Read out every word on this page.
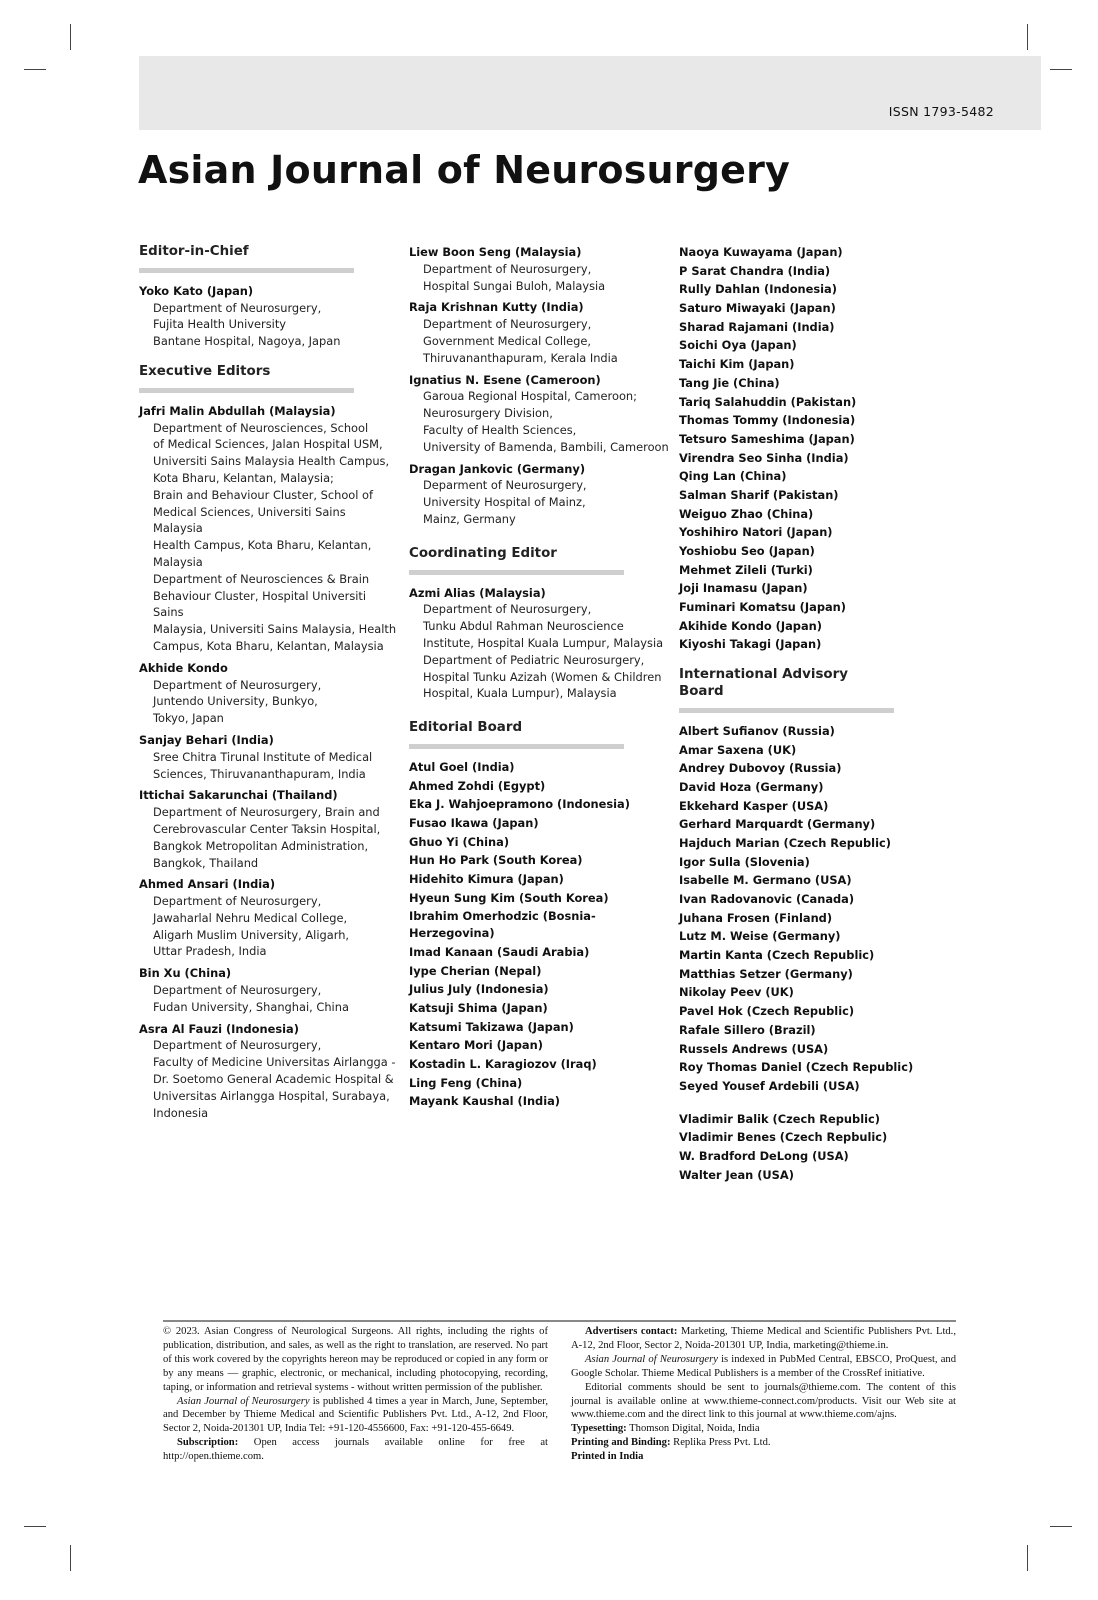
ISSN 1793-5482
Asian Journal of Neurosurgery
Editor-in-Chief
Yoko Kato (Japan)
Department of Neurosurgery,
Fujita Health University
Bantane Hospital, Nagoya, Japan
Executive Editors
Jafri Malin Abdullah (Malaysia)
Department of Neurosciences, School
of Medical Sciences, Jalan Hospital USM,
Universiti Sains Malaysia Health Campus,
Kota Bharu, Kelantan, Malaysia;
Brain and Behaviour Cluster, School of
Medical Sciences, Universiti Sains Malaysia
Health Campus, Kota Bharu, Kelantan,
Malaysia
Department of Neurosciences & Brain
Behaviour Cluster, Hospital Universiti Sains
Malaysia, Universiti Sains Malaysia, Health
Campus, Kota Bharu, Kelantan, Malaysia
Akhide Kondo
Department of Neurosurgery,
Juntendo University, Bunkyo,
Tokyo, Japan
Sanjay Behari (India)
Sree Chitra Tirunal Institute of Medical
Sciences, Thiruvananthapuram, India
Ittichai Sakarunchai (Thailand)
Department of Neurosurgery, Brain and
Cerebrovascular Center Taksin Hospital,
Bangkok Metropolitan Administration,
Bangkok, Thailand
Ahmed Ansari (India)
Department of Neurosurgery,
Jawaharlal Nehru Medical College,
Aligarh Muslim University, Aligarh,
Uttar Pradesh, India
Bin Xu (China)
Department of Neurosurgery,
Fudan University, Shanghai, China
Asra Al Fauzi (Indonesia)
Department of Neurosurgery,
Faculty of Medicine Universitas Airlangga -
Dr. Soetomo General Academic Hospital &
Universitas Airlangga Hospital, Surabaya,
Indonesia
Liew Boon Seng (Malaysia)
Department of Neurosurgery,
Hospital Sungai Buloh, Malaysia
Raja Krishnan Kutty (India)
Department of Neurosurgery,
Government Medical College,
Thiruvananthapuram, Kerala India
Ignatius N. Esene (Cameroon)
Garoua Regional Hospital, Cameroon;
Neurosurgery Division,
Faculty of Health Sciences,
University of Bamenda, Bambili, Cameroon
Dragan Jankovic (Germany)
Deparment of Neurosurgery,
University Hospital of Mainz,
Mainz, Germany
Coordinating Editor
Azmi Alias (Malaysia)
Department of Neurosurgery,
Tunku Abdul Rahman Neuroscience
Institute, Hospital Kuala Lumpur, Malaysia
Department of Pediatric Neurosurgery,
Hospital Tunku Azizah (Women & Children
Hospital, Kuala Lumpur), Malaysia
Editorial Board
Atul Goel (India)
Ahmed Zohdi (Egypt)
Eka J. Wahjoepramono (Indonesia)
Fusao Ikawa (Japan)
Ghuo Yi (China)
Hun Ho Park (South Korea)
Hidehito Kimura (Japan)
Hyeun Sung Kim (South Korea)
Ibrahim Omerhodzic (Bosnia-Herzegovina)
Imad Kanaan (Saudi Arabia)
Iype Cherian (Nepal)
Julius July (Indonesia)
Katsuji Shima (Japan)
Katsumi Takizawa (Japan)
Kentaro Mori (Japan)
Kostadin L. Karagiozov (Iraq)
Ling Feng (China)
Mayank Kaushal (India)
Naoya Kuwayama (Japan)
P Sarat Chandra (India)
Rully Dahlan (Indonesia)
Saturo Miwayaki (Japan)
Sharad Rajamani (India)
Soichi Oya (Japan)
Taichi Kim (Japan)
Tang Jie (China)
Tariq Salahuddin (Pakistan)
Thomas Tommy (Indonesia)
Tetsuro Sameshima (Japan)
Virendra Seo Sinha (India)
Qing Lan (China)
Salman Sharif (Pakistan)
Weiguo Zhao (China)
Yoshihiro Natori (Japan)
Yoshiobu Seo (Japan)
Mehmet Zileli (Turki)
Joji Inamasu (Japan)
Fuminari Komatsu (Japan)
Akihide Kondo (Japan)
Kiyoshi Takagi (Japan)
International Advisory Board
Albert Sufianov (Russia)
Amar Saxena (UK)
Andrey Dubovoy (Russia)
David Hoza (Germany)
Ekkehard Kasper (USA)
Gerhard Marquardt (Germany)
Hajduch Marian (Czech Republic)
Igor Sulla (Slovenia)
Isabelle M. Germano (USA)
Ivan Radovanovic (Canada)
Juhana Frosen (Finland)
Lutz M. Weise (Germany)
Martin Kanta (Czech Republic)
Matthias Setzer (Germany)
Nikolay Peev (UK)
Pavel Hok (Czech Republic)
Rafale Sillero (Brazil)
Russels Andrews (USA)
Roy Thomas Daniel (Czech Republic)
Seyed Yousef Ardebili (USA)
Vladimir Balik (Czech Republic)
Vladimir Benes (Czech Repbulic)
W. Bradford DeLong (USA)
Walter Jean (USA)

© 2023. Asian Congress of Neurological Surgeons. All rights, including the rights of publication, distribution, and sales, as well as the right to translation, are reserved. No part of this work covered by the copyrights hereon may be reproduced or copied in any form or by any means — graphic, electronic, or mechanical, including photocopying, recording, taping, or information and retrieval systems - without written permission of the publisher.

Asian Journal of Neurosurgery is published 4 times a year in March, June, September, and December by Thieme Medical and Scientific Publishers Pvt. Ltd., A-12, 2nd Floor, Sector 2, Noida-201301 UP, India Tel: +91-120-4556600, Fax: +91-120-455-6649.

Subscription: Open access journals available online for free at http://open.thieme.com.

Advertisers contact: Marketing, Thieme Medical and Scientific Publishers Pvt. Ltd., A-12, 2nd Floor, Sector 2, Noida-201301 UP, India, marketing@thieme.in.

Asian Journal of Neurosurgery is indexed in PubMed Central, EBSCO, ProQuest, and Google Scholar. Thieme Medical Publishers is a member of the CrossRef initiative.

Editorial comments should be sent to journals@thieme.com. The content of this journal is available online at www.thieme-connect.com/products. Visit our Web site at www.thieme.com and the direct link to this journal at www.thieme.com/ajns.

Typesetting: Thomson Digital, Noida, India

Printing and Binding: Replika Press Pvt. Ltd.

Printed in India
